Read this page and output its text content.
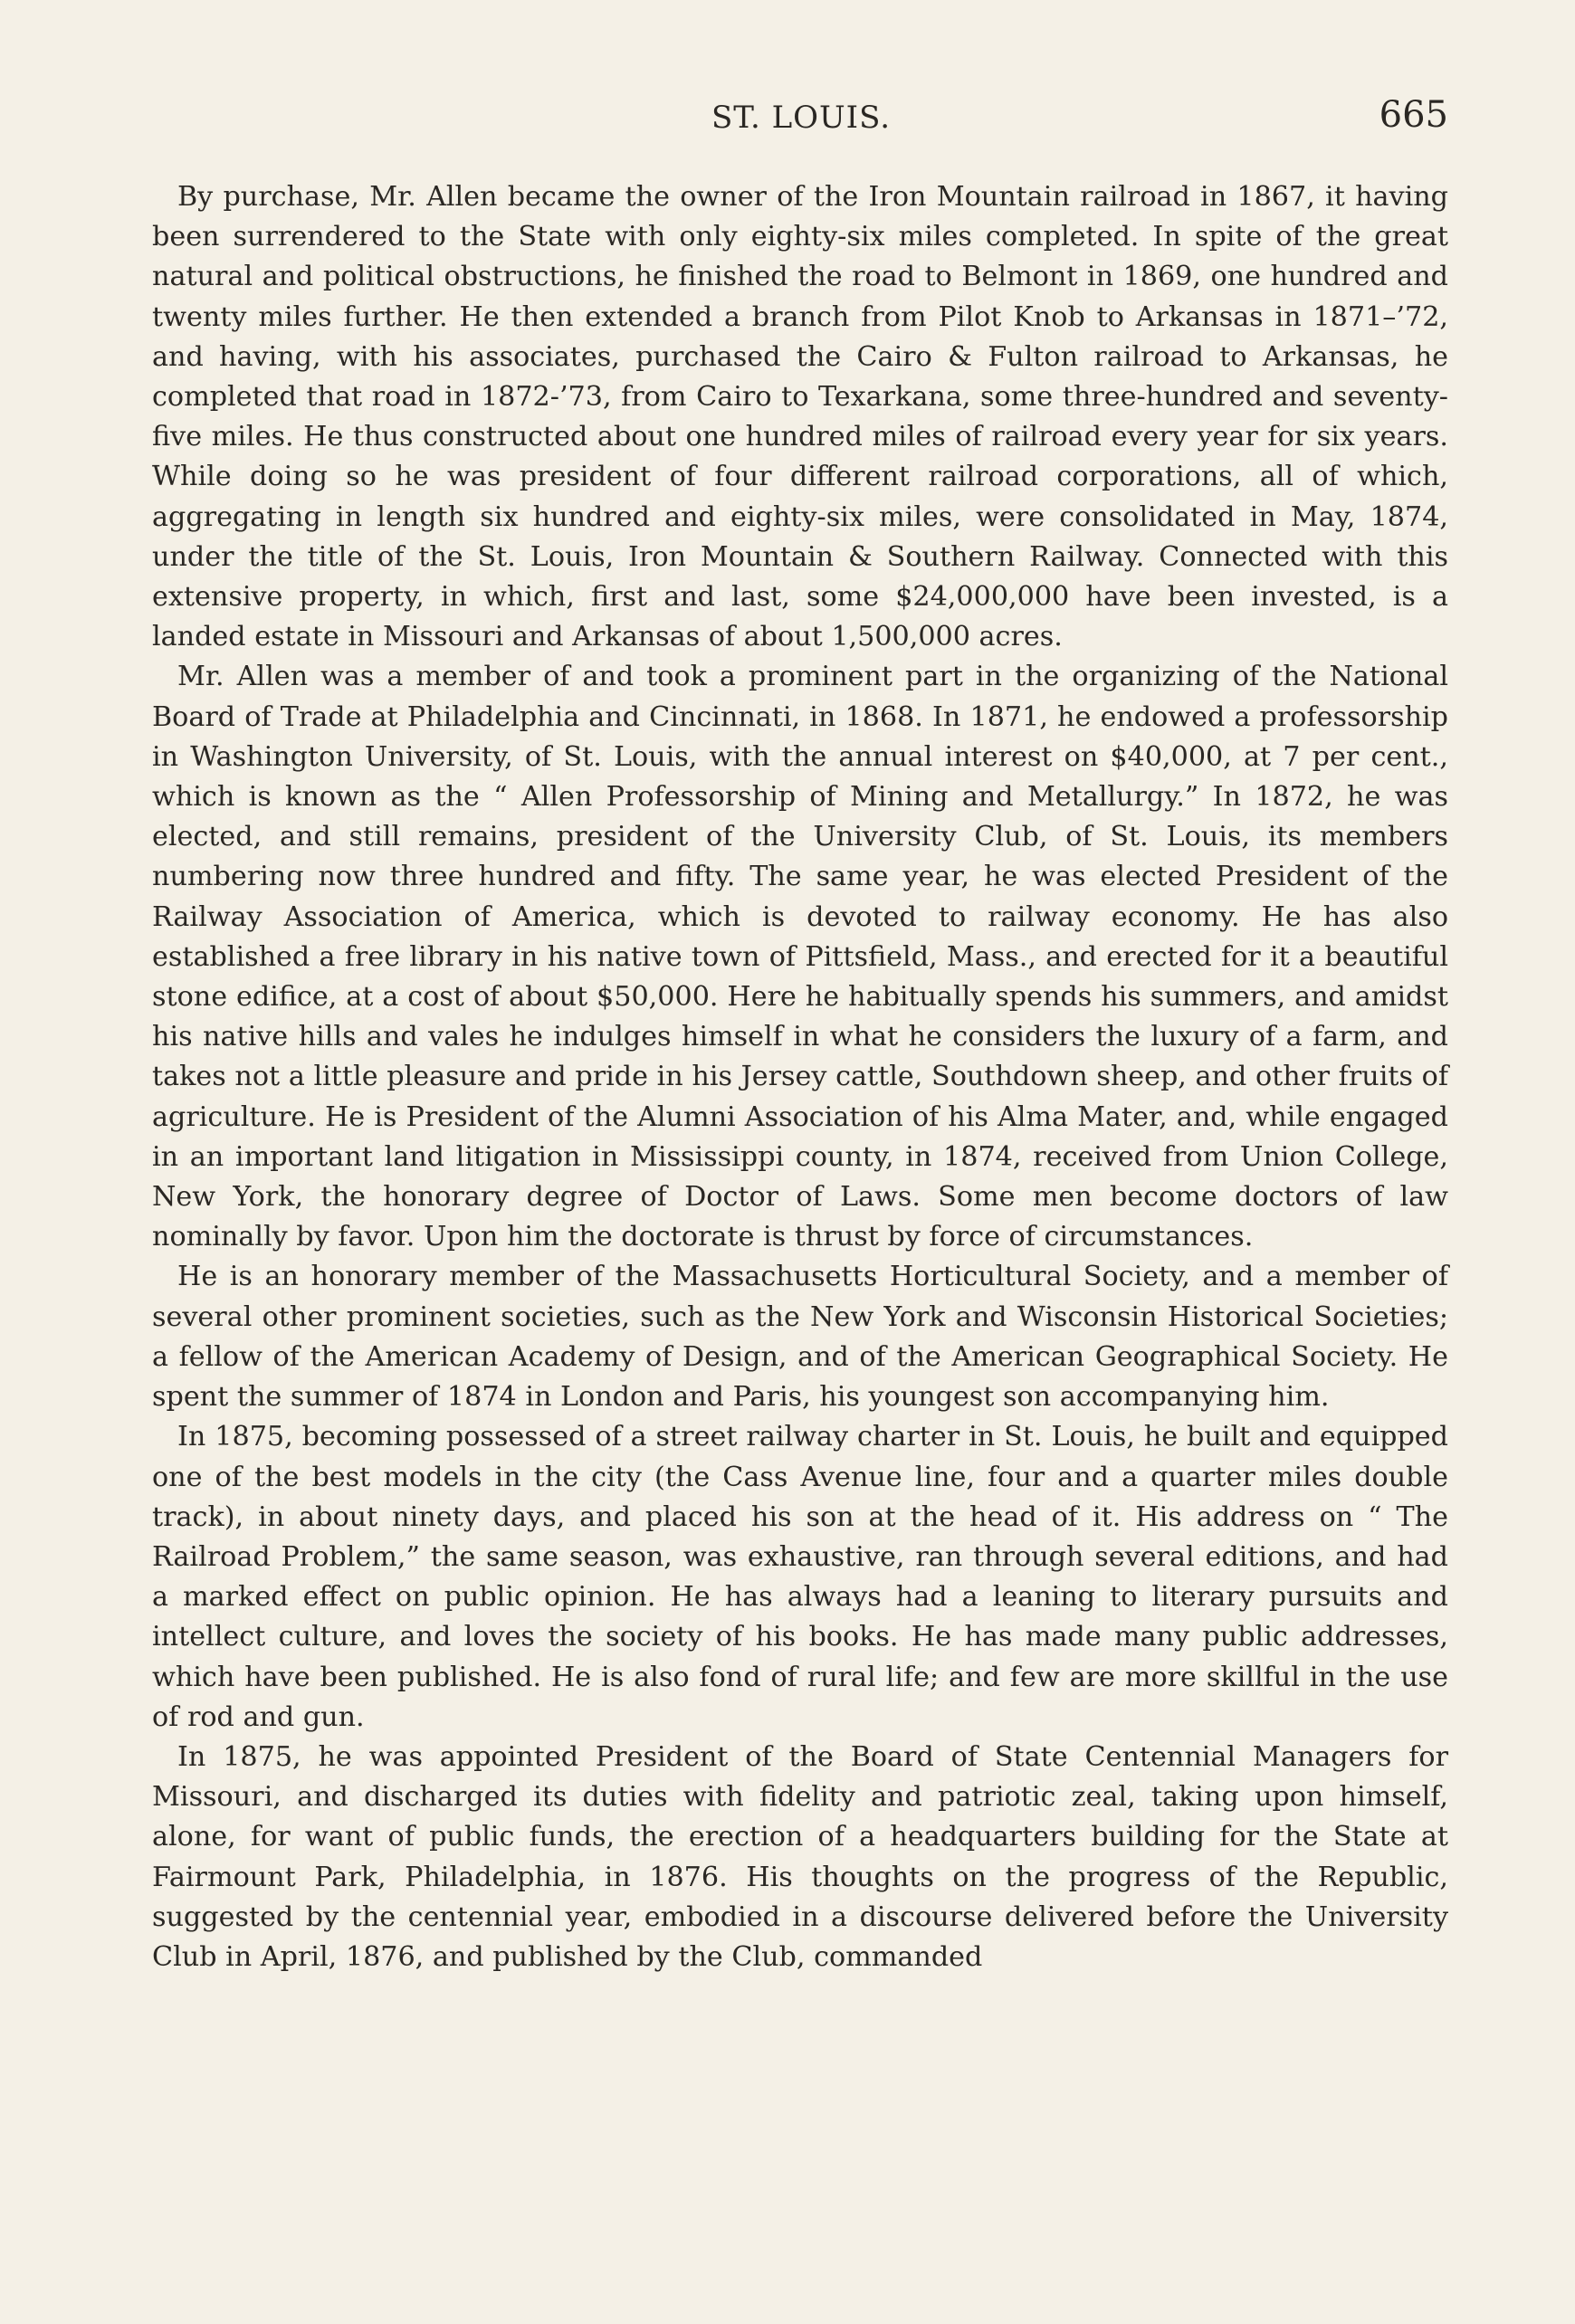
ST. LOUIS.	665

By purchase, Mr. Allen became the owner of the Iron Mountain railroad in 1867, it having been surrendered to the State with only eighty-six miles completed. In spite of the great natural and political obstructions, he finished the road to Belmont in 1869, one hundred and twenty miles further. He then extended a branch from Pilot Knob to Arkansas in 1871–’72, and having, with his associates, purchased the Cairo & Fulton railroad to Arkansas, he completed that road in 1872-’73, from Cairo to Texarkana, some three-hundred and seventy-five miles. He thus constructed about one hundred miles of railroad every year for six years. While doing so he was president of four different railroad corporations, all of which, aggregating in length six hundred and eighty-six miles, were consolidated in May, 1874, under the title of the St. Louis, Iron Mountain & Southern Railway. Connected with this extensive property, in which, first and last, some $24,000,000 have been invested, is a landed estate in Missouri and Arkansas of about 1,500,000 acres.

Mr. Allen was a member of and took a prominent part in the organizing of the National Board of Trade at Philadelphia and Cincinnati, in 1868. In 1871, he endowed a professorship in Washington University, of St. Louis, with the annual interest on $40,000, at 7 per cent., which is known as the “ Allen Professorship of Mining and Metallurgy.” In 1872, he was elected, and still remains, president of the University Club, of St. Louis, its members numbering now three hundred and fifty. The same year, he was elected President of the Railway Association of America, which is devoted to railway economy. He has also established a free library in his native town of Pittsfield, Mass., and erected for it a beautiful stone edifice, at a cost of about $50,000. Here he habitually spends his summers, and amidst his native hills and vales he indulges himself in what he considers the luxury of a farm, and takes not a little pleasure and pride in his Jersey cattle, Southdown sheep, and other fruits of agriculture. He is President of the Alumni Association of his Alma Mater, and, while engaged in an important land litigation in Mississippi county, in 1874, received from Union College, New York, the honorary degree of Doctor of Laws. Some men become doctors of law nominally by favor. Upon him the doctorate is thrust by force of circumstances.

He is an honorary member of the Massachusetts Horticultural Society, and a member of several other prominent societies, such as the New York and Wisconsin Historical Societies; a fellow of the American Academy of Design, and of the American Geographical Society. He spent the summer of 1874 in London and Paris, his youngest son accompanying him.

In 1875, becoming possessed of a street railway charter in St. Louis, he built and equipped one of the best models in the city (the Cass Avenue line, four and a quarter miles double track), in about ninety days, and placed his son at the head of it. His address on “ The Railroad Problem,” the same season, was exhaustive, ran through several editions, and had a marked effect on public opinion. He has always had a leaning to literary pursuits and intellect culture, and loves the society of his books. He has made many public addresses, which have been published. He is also fond of rural life; and few are more skillful in the use of rod and gun.

In 1875, he was appointed President of the Board of State Centennial Managers for Missouri, and discharged its duties with fidelity and patriotic zeal, taking upon himself, alone, for want of public funds, the erection of a headquarters building for the State at Fairmount Park, Philadelphia, in 1876. His thoughts on the progress of the Republic, suggested by the centennial year, embodied in a discourse delivered before the University Club in April, 1876, and published by the Club, commanded
